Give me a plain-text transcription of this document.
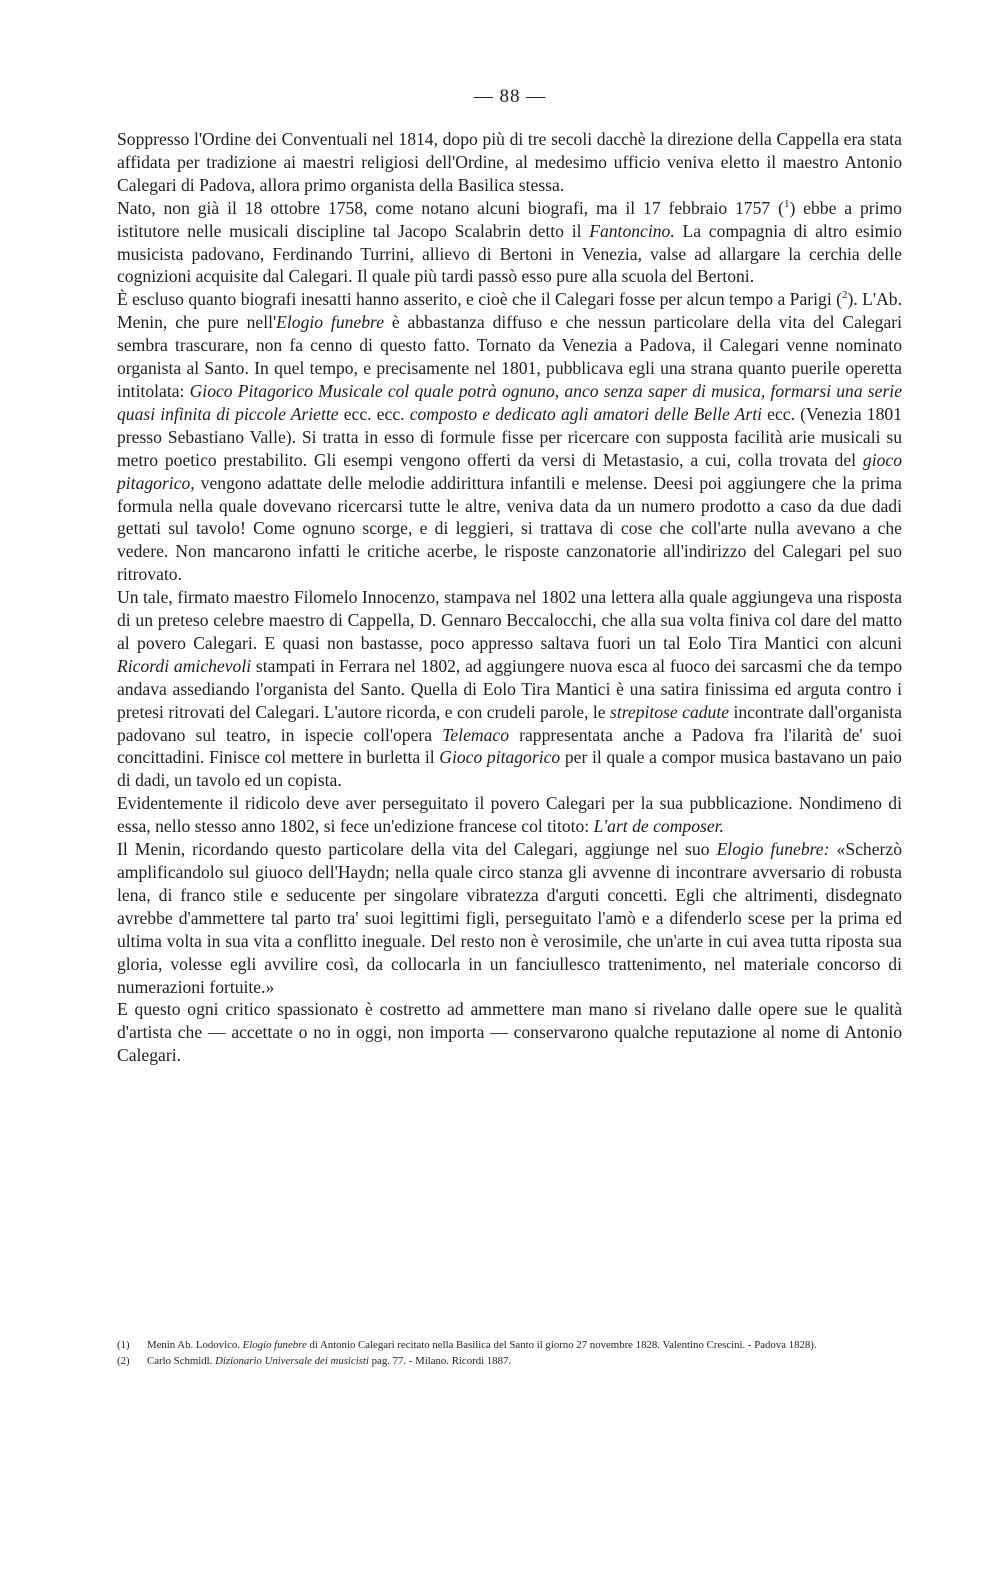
— 88 —

Soppresso l'Ordine dei Conventuali nel 1814, dopo più di tre secoli dacchè la direzione della Cappella era stata affidata per tradizione ai maestri religiosi dell'Ordine, al medesimo ufficio veniva eletto il maestro Antonio Calegari di Padova, allora primo organista della Basilica stessa.

Nato, non già il 18 ottobre 1758, come notano alcuni biografi, ma il 17 febbraio 1757 ($^1$) ebbe a primo istitutore nelle musicali discipline tal Jacopo Scalabrin detto il Fantoncino. La compagnia di altro esimio musicista padovano, Ferdinando Turrini, allievo di Bertoni in Venezia, valse ad allargare la cerchia delle cognizioni acquisite dal Calegari. Il quale più tardi passò esso pure alla scuola del Bertoni.

È escluso quanto biografi inesatti hanno asserito, e cioè che il Calegari fosse per alcun tempo a Parigi ($^2$). L'Ab. Menin, che pure nell'Elogio funebre è abbastanza diffuso e che nessun particolare della vita del Calegari sembra trascurare, non fa cenno di questo fatto. Tornato da Venezia a Padova, il Calegari venne nominato organista al Santo. In quel tempo, e precisamente nel 1801, pubblicava egli una strana quanto puerile operetta intitolata: Gioco Pitagorico Musicale col quale potrà ognuno, anco senza saper di musica, formarsi una serie quasi infinita di piccole Ariette ecc. ecc. composto e dedicato agli amatori delle Belle Arti ecc. (Venezia 1801 presso Sebastiano Valle). Si tratta in esso di formule fisse per ricercare con supposta facilità arie musicali su metro poetico prestabilito. Gli esempi vengono offerti da versi di Metastasio, a cui, colla trovata del gioco pitagorico, vengono adattate delle melodie addirittura infantili e melense. Deesi poi aggiungere che la prima formula nella quale dovevano ricercarsi tutte le altre, veniva data da un numero prodotto a caso da due dadi gettati sul tavolo! Come ognuno scorge, e di leggieri, si trattava di cose che coll'arte nulla avevano a che vedere. Non mancarono infatti le critiche acerbe, le risposte canzonatorie all'indirizzo del Calegari pel suo ritrovato.

Un tale, firmato maestro Filomelo Innocenzo, stampava nel 1802 una lettera alla quale aggiungeva una risposta di un preteso celebre maestro di Cappella, D. Gennaro Beccalocchi, che alla sua volta finiva col dare del matto al povero Calegari. E quasi non bastasse, poco appresso saltava fuori un tal Eolo Tira Mantici con alcuni Ricordi amichevoli stampati in Ferrara nel 1802, ad aggiungere nuova esca al fuoco dei sarcasmi che da tempo andava assediando l'organista del Santo. Quella di Eolo Tira Mantici è una satira finissima ed arguta contro i pretesi ritrovati del Calegari. L'autore ricorda, e con crudeli parole, le strepitose cadute incontrate dall'organista padovano sul teatro, in ispecie coll'opera Telemaco rappresentata anche a Padova fra l'ilarità de' suoi concittadini. Finisce col mettere in burletta il Gioco pitagorico per il quale a compor musica bastavano un paio di dadi, un tavolo ed un copista.

Evidentemente il ridicolo deve aver perseguitato il povero Calegari per la sua pubblicazione. Nondimeno di essa, nello stesso anno 1802, si fece un'edizione francese col titoto: L'art de composer.

Il Menin, ricordando questo particolare della vita del Calegari, aggiunge nel suo Elogio funebre: «Scherzò amplificandolo sul giuoco dell'Haydn; nella quale circo stanza gli avvenne di incontrare avversario di robusta lena, di franco stile e seducente per singolare vibratezza d'arguti concetti. Egli che altrimenti, disdegnato avrebbe d'ammettere tal parto tra' suoi legittimi figli, perseguitato l'amò e a difenderlo scese per la prima ed ultima volta in sua vita a conflitto ineguale. Del resto non è verosimile, che un'arte in cui avea tutta riposta sua gloria, volesse egli avvilire così, da collocarla in un fanciullesco trattenimento, nel materiale concorso di numerazioni fortuite.»

E questo ogni critico spassionato è costretto ad ammettere man mano si rivelano dalle opere sue le qualità d'artista che — accettate o no in oggi, non importa — conservarono qualche reputazione al nome di Antonio Calegari.

(1) Menin Ab. Lodovico. Elogio funebre di Antonio Calegari recitato nella Basilica del Santo il giorno 27 novembre 1828. Valentino Crescini. - Padova 1828).

(2) Carlo Schmidl. Dizionario Universale dei musicisti pag. 77. - Milano. Ricordi 1887.
